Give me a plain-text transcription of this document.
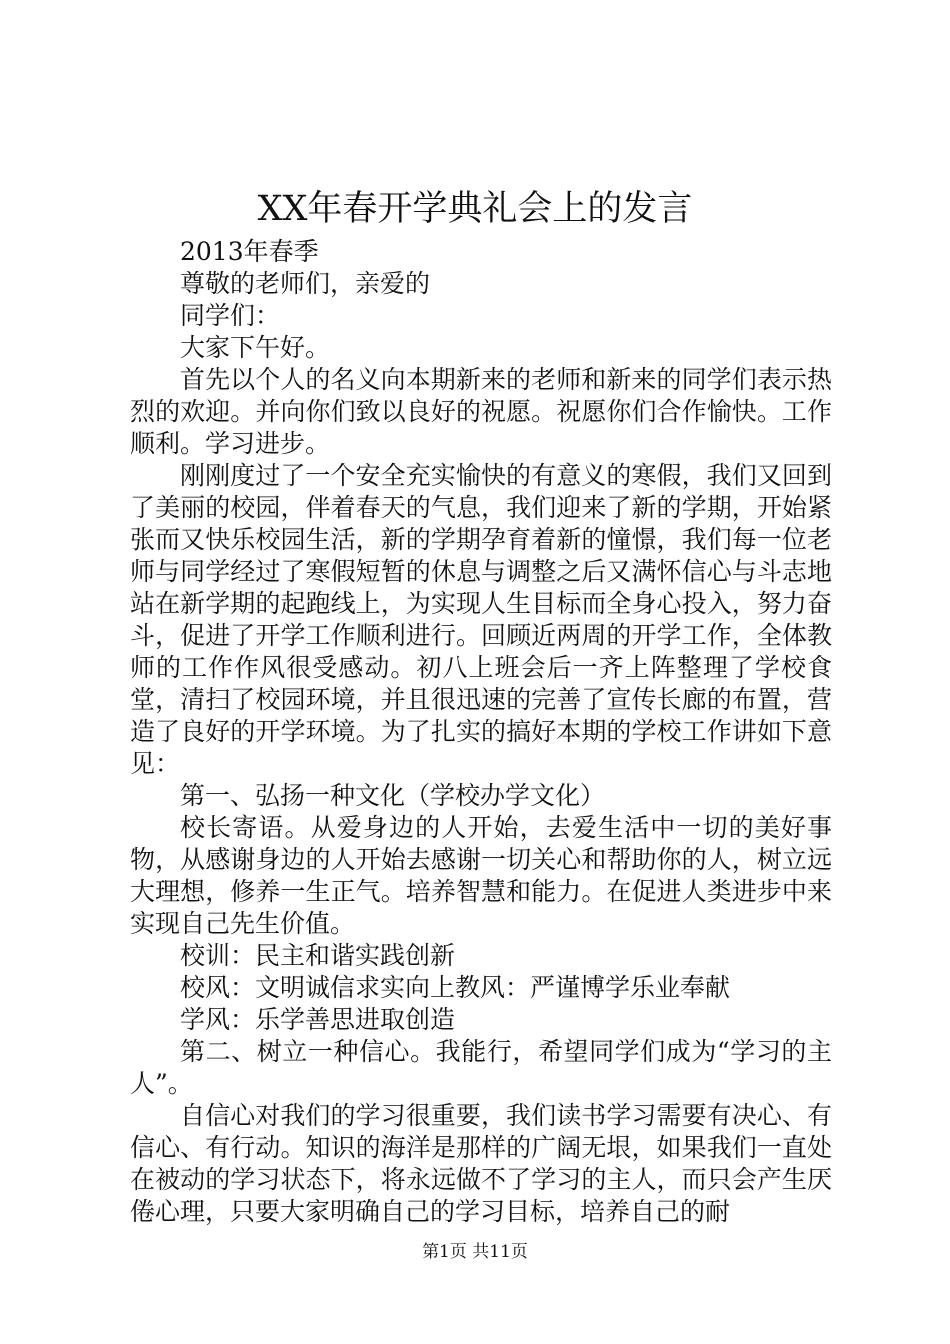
XX年春开学典礼会上的发言

2013年春季

尊敬的老师们，亲爱的

同学们：

大家下午好。

首先以个人的名义向本期新来的老师和新来的同学们表示热烈的欢迎。并向你们致以良好的祝愿。祝愿你们合作愉快。工作顺利。学习进步。

刚刚度过了一个安全充实愉快的有意义的寒假，我们又回到了美丽的校园，伴着春天的气息，我们迎来了新的学期，开始紧张而又快乐校园生活，新的学期孕育着新的憧憬，我们每一位老师与同学经过了寒假短暂的休息与调整之后又满怀信心与斗志地站在新学期的起跑线上，为实现人生目标而全身心投入，努力奋斗，促进了开学工作顺利进行。回顾近两周的开学工作，全体教师的工作作风很受感动。初八上班会后一齐上阵整理了学校食堂，清扫了校园环境，并且很迅速的完善了宣传长廊的布置，营造了良好的开学环境。为了扎实的搞好本期的学校工作讲如下意见：

第一、弘扬一种文化（学校办学文化）

校长寄语。从爱身边的人开始，去爱生活中一切的美好事物，从感谢身边的人开始去感谢一切关心和帮助你的人，树立远大理想，修养一生正气。培养智慧和能力。在促进人类进步中来实现自己先生价值。

校训：民主和谐实践创新

校风：文明诚信求实向上教风：严谨博学乐业奉献

学风：乐学善思进取创造

第二、树立一种信心。我能行，希望同学们成为“学习的主人”。

自信心对我们的学习很重要，我们读书学习需要有决心、有信心、有行动。知识的海洋是那样的广阔无垠，如果我们一直处在被动的学习状态下，将永远做不了学习的主人，而只会产生厌倦心理，只要大家明确自己的学习目标，培养自己的耐

第1页 共11页
